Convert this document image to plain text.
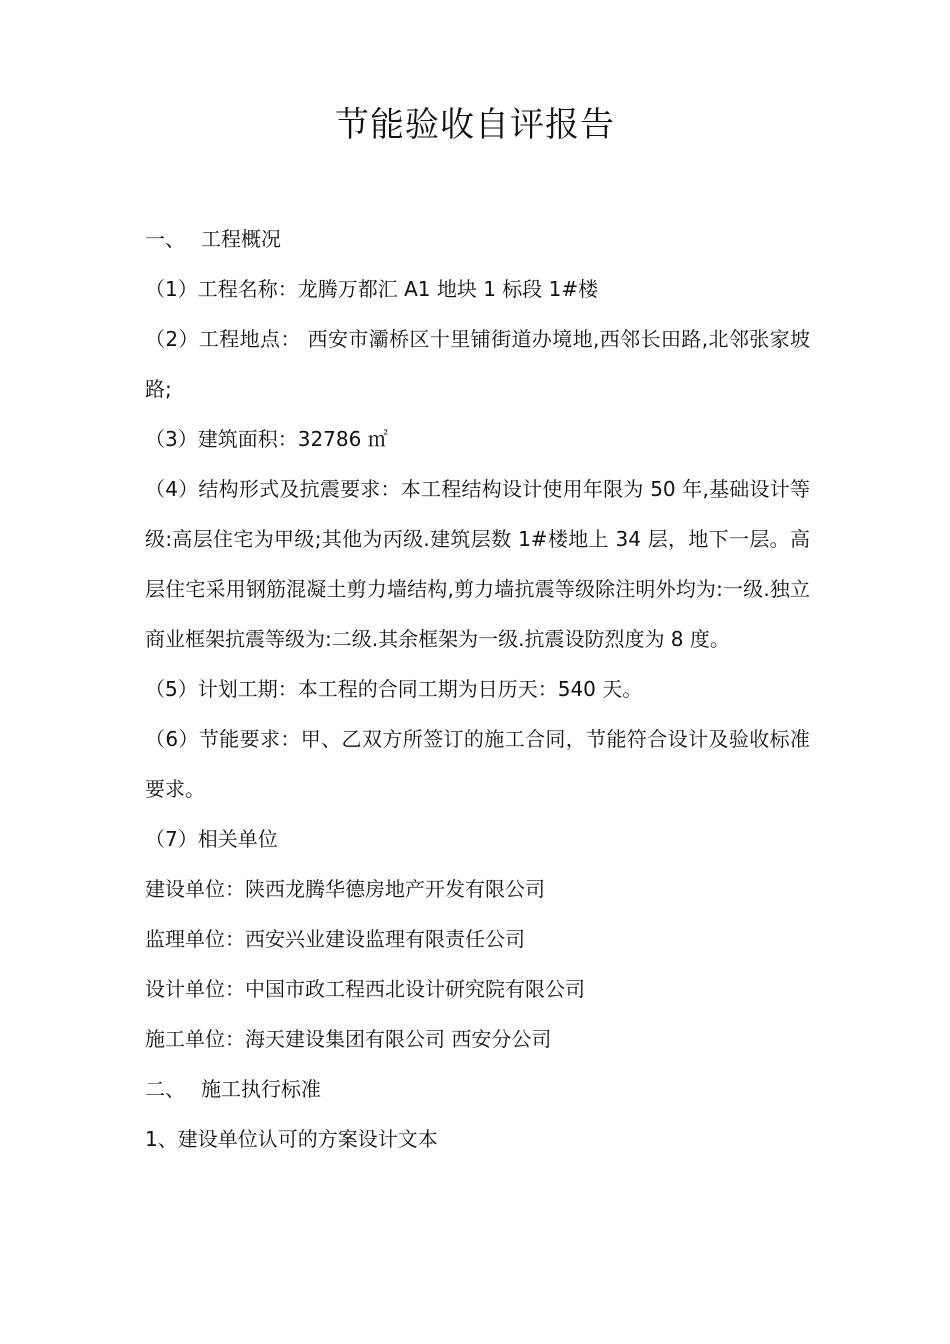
节能验收自评报告

一、 工程概况

（1）工程名称：龙腾万都汇 A1 地块 1 标段 1#楼

（2）工程地点： 西安市灞桥区十里铺街道办境地,西邻长田路,北邻张家坡路;

（3）建筑面积：32786 ㎡

（4）结构形式及抗震要求：本工程结构设计使用年限为 50 年,基础设计等级:高层住宅为甲级;其他为丙级.建筑层数 1#楼地上 34 层，地下一层。高层住宅采用钢筋混凝土剪力墙结构,剪力墙抗震等级除注明外均为:一级.独立商业框架抗震等级为:二级.其余框架为一级.抗震设防烈度为 8 度。

（5）计划工期：本工程的合同工期为日历天：540 天。

（6）节能要求：甲、乙双方所签订的施工合同，节能符合设计及验收标准要求。

（7）相关单位

建设单位：陕西龙腾华德房地产开发有限公司

监理单位：西安兴业建设监理有限责任公司

设计单位：中国市政工程西北设计研究院有限公司

施工单位：海天建设集团有限公司 西安分公司

二、 施工执行标准

1、建设单位认可的方案设计文本
